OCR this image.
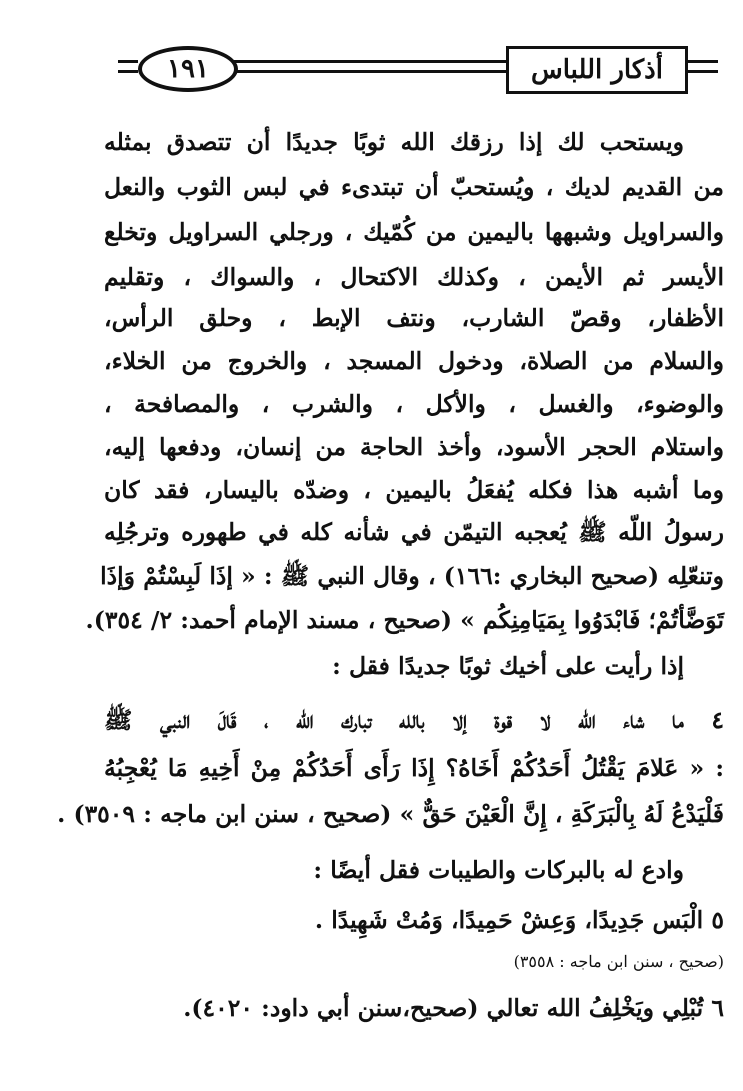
١٩١	أذكار اللباس
ويستحب لك إذا رزقك الله ثوبًا جديدًا أن تتصدق بمثله
من القديم لديك ، ويُستحبّ أن تبتدىء في لبس الثوب والنعل
والسراويل وشبهها باليمين من كُمّيك ، ورجلي السراويل وتخلع
الأيسر ثم الأيمن ، وكذلك الاكتحال ، والسواك ، وتقليم
الأظفار، وقصّ الشارب، ونتف الإبط ، وحلق الرأس،
والسلام من الصلاة، ودخول المسجد ، والخروج من الخلاء،
والوضوء، والغسل ، والأكل ، والشرب ، والمصافحة ،
واستلام الحجر الأسود، وأخذ الحاجة من إنسان، ودفعها إليه،
وما أشبه هذا فكله يُفعَلُ باليمين ، وضدّه باليسار، فقد كان
رسولُ اللّه ﷺ يُعجبه التيمّن في شأنه كله في طهوره وترجُلِه
وتنعّلِه (صحيح البخاري :١٦٦) ، وقال النبي ﷺ : « إذَا لَبِسْتُمْ وَإذَا
تَوَضَّأتُمْ؛ فَابْدَوُوا بِمَيَامِنِكُم » (صحيح ، مسند الإمام أحمد: ٢/ ٣٥٤).
إذا رأيت على أخيك ثوبًا جديدًا فقل :
٤ ما شاء الله لا قوة إلا بالله تبارك الله ، قَالَ النبي ﷺ
: « عَلامَ يَقْتُلُ أَحَدُكُمْ أَخَاهُ؟ إِذَا رَأَى أَحَدُكُمْ مِنْ أَخِيهِ مَا يُعْجِبُهُ
فَلْيَدْعُ لَهُ بِالْبَرَكَةِ ، إِنَّ الْعَيْنَ حَقٌّ » (صحيح ، سنن ابن ماجه : ٣٥٠٩) .
وادع له بالبركات والطيبات فقل أيضًا :
٥ الْبَس جَدِيدًا، وَعِشْ حَمِيدًا، وَمُتْ شَهِيدًا .
(صحيح ، سنن ابن ماجه : ٣٥٥٨)
٦ تُبْلِي ويَخْلِفُ الله تعالي (صحيح،سنن أبي داود: ٤٠٢٠).
